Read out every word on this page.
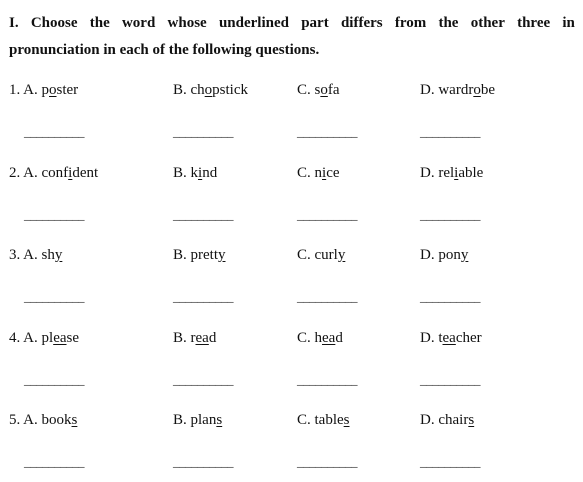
I. Choose the word whose underlined part differs from the other three in
pronunciation in each of the following questions.
1. A. poster
__________
B. chopstick
__________
C. sofa
__________
D. wardrobe
__________
2. A. confident
__________
B. kind
__________
C. nice
__________
D. reliable
__________
3. A. shy
__________
B. pretty
__________
C. curly
__________
D. pony
__________
4. A. please
__________
B. read
__________
C. head
__________
D. teacher
__________
5. A. books
__________
B. plans
__________
C. tables
__________
D. chairs
__________
